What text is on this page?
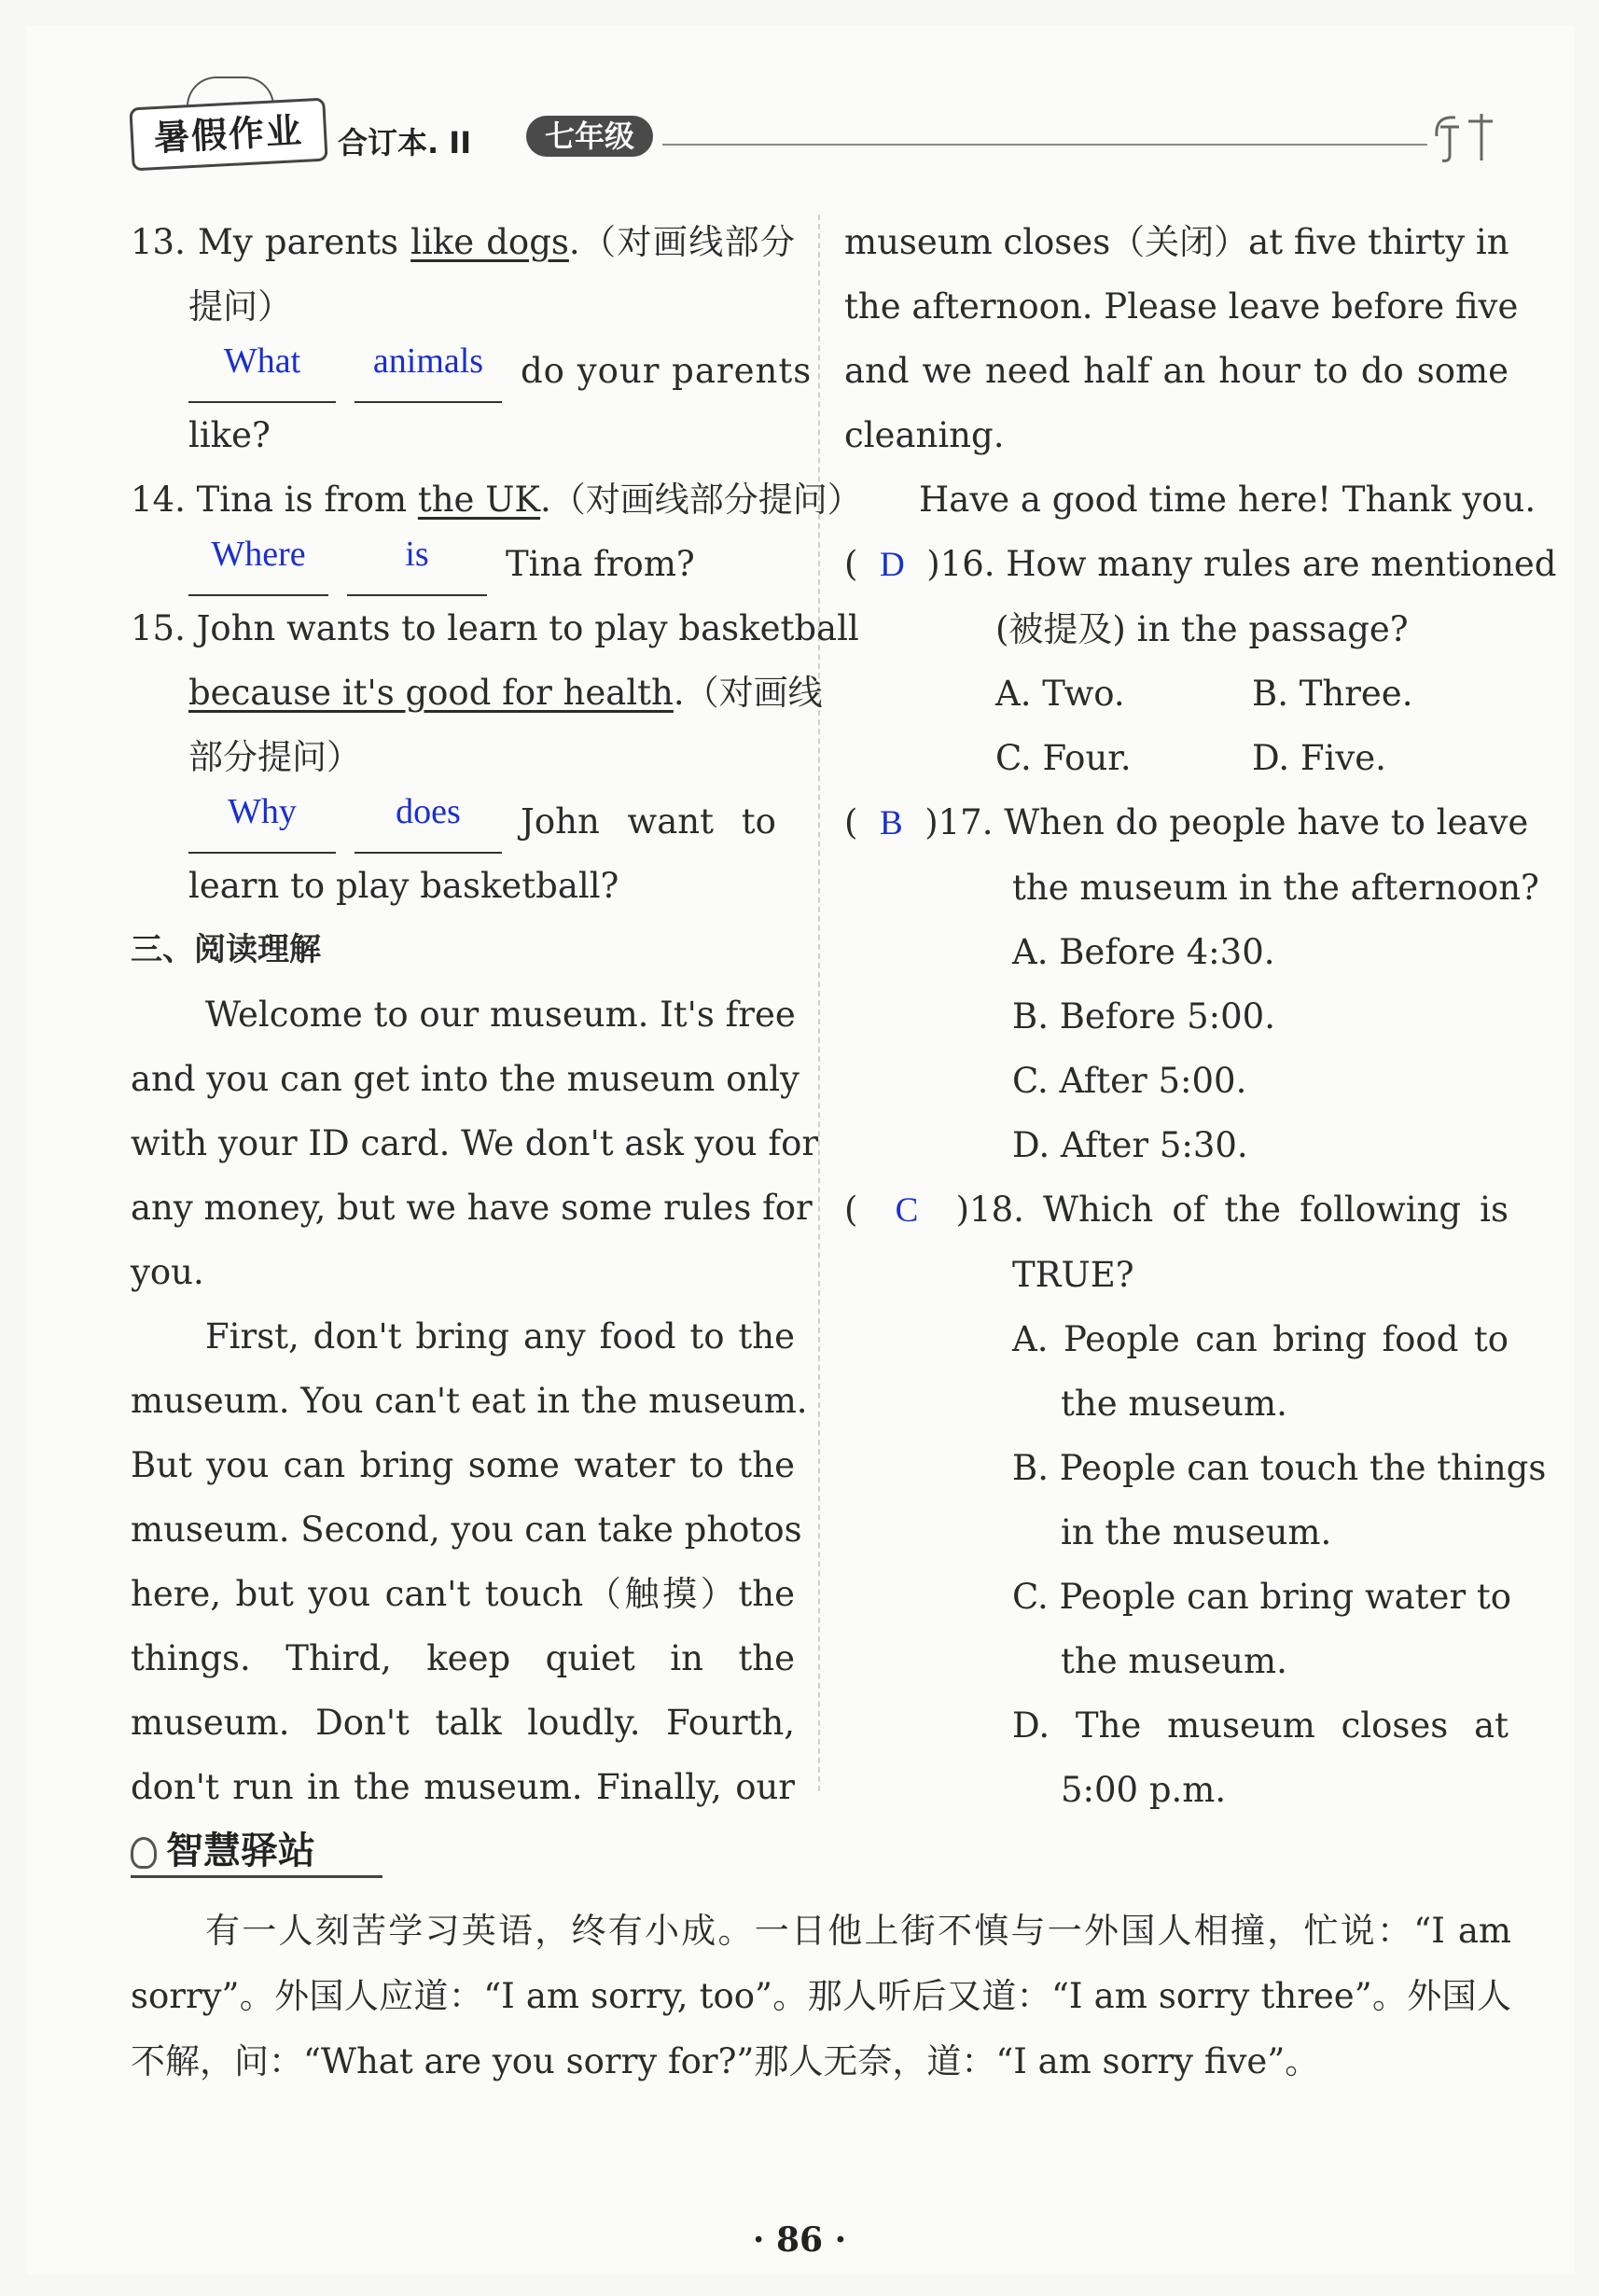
暑假作业	合订本. II	七年级
13. My parents like dogs.（对画线部分
提问）
What	animals	do your parents
like?
14. Tina is from the UK.（对画线部分提问）
Where	is	Tina from?
15. John wants to learn to play basketball
because it's good for health.（对画线
部分提问）
Why	does	John want to
learn to play basketball?
三、阅读理解
Welcome to our museum. It's free
and you can get into the museum only
with your ID card. We don't ask you for
any money, but we have some rules for
you.
First, don't bring any food to the
museum. You can't eat in the museum.
But you can bring some water to the
museum. Second, you can take photos
here, but you can't touch（触摸）the
things. Third, keep quiet in the
museum. Don't talk loudly. Fourth,
don't run in the museum. Finally, our
museum closes（关闭）at five thirty in
the afternoon. Please leave before five
and we need half an hour to do some
cleaning.
Have a good time here! Thank you.
(  D )16. How many rules are mentioned
(被提及) in the passage?
A. Two.	B. Three.
C. Four.	D. Five.
(  B )17. When do people have to leave
the museum in the afternoon?
A. Before 4:30.
B. Before 5:00.
C. After 5:00.
D. After 5:30.
(  C )18. Which of the following is
TRUE?
A. People can bring food to
the museum.
B. People can touch the things
in the museum.
C. People can bring water to
the museum.
D. The museum closes at
5:00 p.m.
智慧驿站
有一人刻苦学习英语，终有小成。一日他上街不慎与一外国人相撞，忙说：“I am
sorry”。外国人应道：“I am sorry, too”。那人听后又道：“I am sorry three”。外国人
不解，问：“What are you sorry for?”那人无奈，道：“I am sorry five”。
· 86 ·
